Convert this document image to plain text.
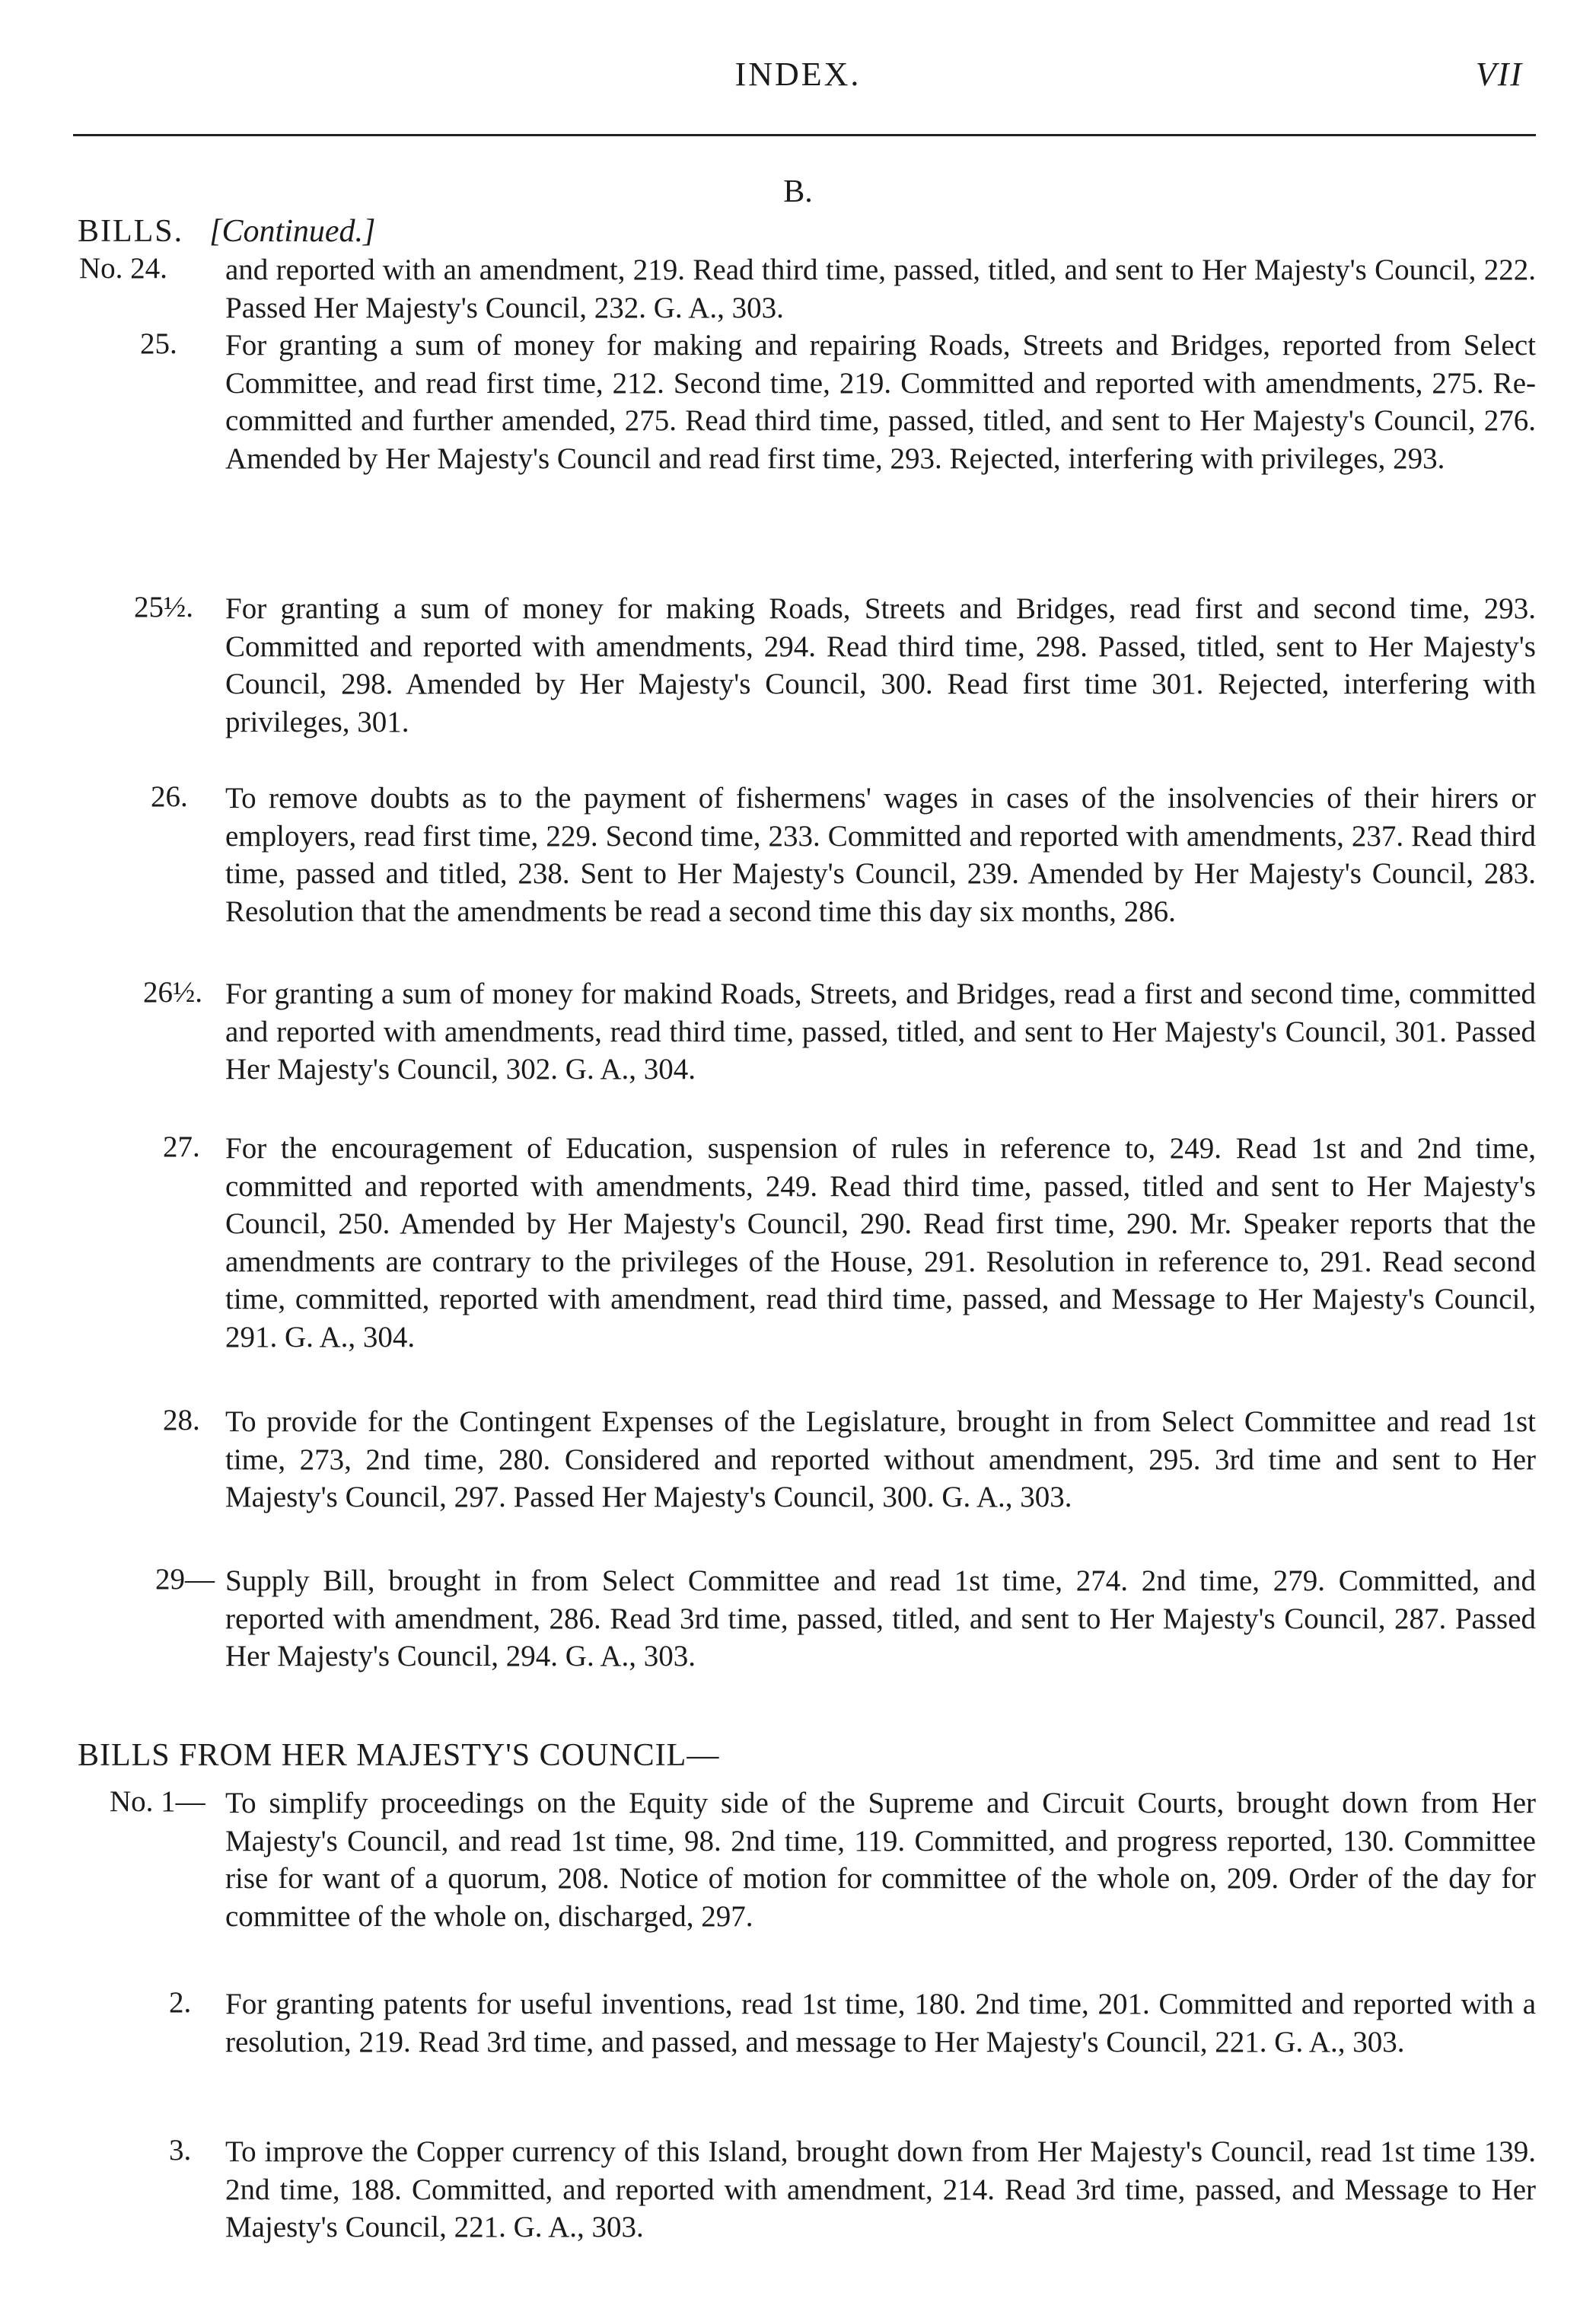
INDEX.	VII
B.
BILLS. [Continued.]
No. 24. and reported with an amendment, 219. Read third time, passed, titled, and sent to Her Majesty's Council, 222. Passed Her Majesty's Council, 232. G. A., 303.
25. For granting a sum of money for making and repairing Roads, Streets and Bridges, reported from Select Committee, and read first time, 212. Second time, 219. Committed and reported with amendments, 275. Re-committed and further amended, 275. Read third time, passed, titled, and sent to Her Majesty's Council, 276. Amended by Her Majesty's Council and read first time, 293. Rejected, interfering with privileges, 293.
25½. For granting a sum of money for making Roads, Streets and Bridges, read first and second time, 293. Committed and reported with amendments, 294. Read third time, 298. Passed, titled, sent to Her Majesty's Council, 298. Amended by Her Majesty's Council, 300. Read first time 301. Rejected, interfering with privileges, 301.
26. To remove doubts as to the payment of fishermens' wages in cases of the insolvencies of their hirers or employers, read first time, 229. Second time, 233. Committed and reported with amendments, 237. Read third time, passed and titled, 238. Sent to Her Majesty's Council, 239. Amended by Her Majesty's Council, 283. Resolution that the amendments be read a second time this day six months, 286.
26½. For granting a sum of money for makind Roads, Streets, and Bridges, read a first and second time, committed and reported with amendments, read third time, passed, titled, and sent to Her Majesty's Council, 301. Passed Her Majesty's Council, 302. G. A., 304.
27. For the encouragement of Education, suspension of rules in reference to, 249. Read 1st and 2nd time, committed and reported with amendments, 249. Read third time, passed, titled and sent to Her Majesty's Council, 250. Amended by Her Majesty's Council, 290. Read first time, 290. Mr. Speaker reports that the amendments are contrary to the privileges of the House, 291. Resolution in reference to, 291. Read second time, committed, reported with amendment, read third time, passed, and Message to Her Majesty's Council, 291. G. A., 304.
28. To provide for the Contingent Expenses of the Legislature, brought in from Select Committee and read 1st time, 273, 2nd time, 280. Considered and reported without amendment, 295. 3rd time and sent to Her Majesty's Council, 297. Passed Her Majesty's Council, 300. G. A., 303.
29— Supply Bill, brought in from Select Committee and read 1st time, 274. 2nd time, 279. Committed, and reported with amendment, 286. Read 3rd time, passed, titled, and sent to Her Majesty's Council, 287. Passed Her Majesty's Council, 294. G. A., 303.
BILLS FROM HER MAJESTY'S COUNCIL—
No. 1— To simplify proceedings on the Equity side of the Supreme and Circuit Courts, brought down from Her Majesty's Council, and read 1st time, 98. 2nd time, 119. Committed, and progress reported, 130. Committee rise for want of a quorum, 208. Notice of motion for committee of the whole on, 209. Order of the day for committee of the whole on, discharged, 297.
2. For granting patents for useful inventions, read 1st time, 180. 2nd time, 201. Committed and reported with a resolution, 219. Read 3rd time, and passed, and message to Her Majesty's Council, 221. G. A., 303.
3. To improve the Copper currency of this Island, brought down from Her Majesty's Council, read 1st time 139. 2nd time, 188. Committed, and reported with amendment, 214. Read 3rd time, passed, and Message to Her Majesty's Council, 221. G. A., 303.
